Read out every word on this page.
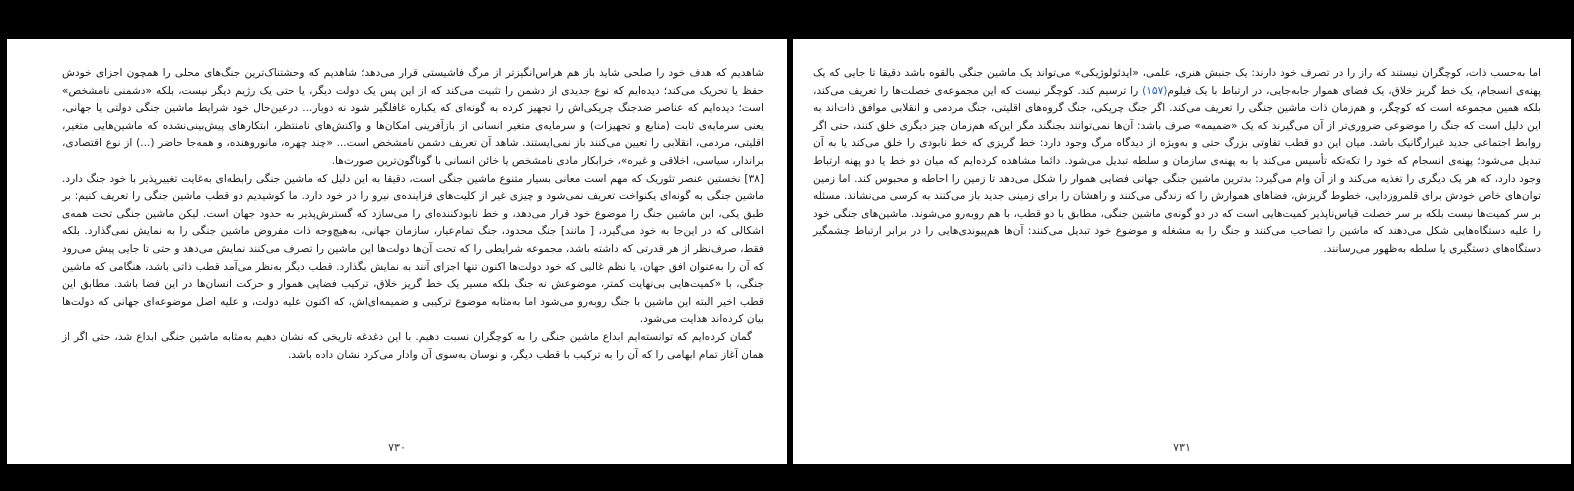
شاهدیم که هدف خود را صلحی شاید باز هم هراس‌انگیزتر از مرگ فاشیستی قرار می‌دهد؛ شاهدیم که وحشتناک‌ترین جنگ‌های محلی را همچون اجزای خودش حفظ یا تحریک می‌کند؛ دیده‌ایم که نوع جدیدی از دشمن را تثبیت می‌کند که از این پس یک دولت دیگر، یا حتی یک رژیم دیگر نیست، بلکه «دشمنی نامشخص» است؛ دیده‌ایم که عناصر ضدجنگ چریکی‌اش را تجهیز کرده به گونه‌ای که یکباره غافلگیر شود نه دوبار... درعین‌حال خود شرایط ماشین جنگی دولتی یا جهانی، یعنی سرمایه‌ی ثابت (منابع و تجهیزات) و سرمایه‌ی متغیر انسانی از بازآفرینی امکان‌ها و واکنش‌های نامنتظر، ابتکارهای پیش‌بینی‌نشده که ماشین‌هایی متغیر، اقلیتی، مردمی، انقلابی را تعیین می‌کنند باز نمی‌ایستند. شاهد آن تعریف دشمن نامشخص است... «چند چهره، مانوروهنده، و همه‌جا حاضر (...) از نوع اقتصادی، براندار، سیاسی، اخلاقی و غیره»، خرابکار مادی نامشخص یا خائن انسانی با گوناگون‌ترین صورت‌ها.

[۳۸] نخستین عنصر تئوریک که مهم است معانی بسیار متنوع ماشین جنگی است، دقیقا به این دلیل که ماشین جنگی رابطه‌ای به‌غایت تغییرپذیر با خود جنگ دارد. ماشین جنگی به گونه‌ای یکنواخت تعریف نمی‌شود و چیزی غیر از کلیت‌های فزاینده‌ی نیرو را در خود دارد. ما کوشیدیم دو قطب ماشین جنگی را تعریف کنیم: بر طبق یکی، این ماشین جنگ را موضوع خود قرار می‌دهد، و خط نابودکننده‌ای را می‌سازد که گسترش‌پذیر به حدود جهان است. لیکن ماشین جنگی تحت همه‌ی اشکالی که در این‌جا به خود می‌گیرد، [ مانند] جنگ محدود، جنگ تمام‌عیار، سازمان جهانی، به‌هیچ‌وجه ذات مفروض ماشین جنگی را به نمایش نمی‌گذارد. بلکه فقط، صرف‌نظر از هر قدرتی که داشته باشد، مجموعه شرایطی را که تحت آن‌ها دولت‌ها این ماشین را تصرف می‌کنند نمایش می‌دهد و حتی تا جایی پیش می‌رود که آن را به‌عنوان افق جهان، یا نظم غالبی که خود دولت‌ها اکنون تنها اجزای آنند به نمایش بگذارد. قطب دیگر به‌نظر می‌آمد قطب ذاتی باشد، هنگامی که ماشین جنگی، با «کمیت‌هایی بی‌نهایت کمتر، موضوعش نه جنگ بلکه مسیر یک خط گریز خلاق، ترکیب فضایی هموار و حرکت انسان‌ها در این فضا باشد. مطابق این قطب اخیر البته این ماشین با جنگ روبه‌رو می‌شود اما به‌مثابه موضوع ترکیبی و ضمیمه‌ای‌اش، که اکنون علیه دولت، و علیه اصل موضوعه‌ای جهانی که دولت‌ها بیان کرده‌اند هدایت می‌شود.

گمان کرده‌ایم که توانسته‌ایم ابداع ماشین جنگی را به کوچگران نسبت دهیم. با این دغدغه تاریخی که نشان دهیم به‌مثابه ماشین جنگی ابداع شد، حتی اگر از همان آغاز تمام ابهامی را که آن را به ترکیب با قطب دیگر، و نوسان به‌سوی آن وادار می‌کرد نشان داده باشد.

۷۳۰

اما به‌حسب ذات، کوچگران نیستند که راز را در تصرف خود دارند: یک جنبش هنری، علمی، «ایدئولوژیکی» می‌تواند یک ماشین جنگی بالقوه باشد دقیقا تا جایی که یک پهنه‌ی انسجام، یک خط گریز خلاق، یک فضای هموار جابه‌جایی، در ارتباط با یک فیلوم(۱۵۷) را ترسیم کند. کوچگر نیست که این مجموعه‌ی خصلت‌ها را تعریف می‌کند، بلکه همین مجموعه است که کوچگر، و هم‌زمان ذات ماشین جنگی را تعریف می‌کند. اگر جنگ چریکی، جنگ گروه‌های اقلیتی، جنگ مردمی و انقلابی موافق ذات‌اند به این دلیل است که جنگ را موضوعی ضروری‌تر از آن می‌گیرند که یک «ضمیمه» صرف باشد: آن‌ها نمی‌توانند بجنگند مگر این‌که هم‌زمان چیز دیگری خلق کنند، حتی اگر روابط اجتماعی جدید غیرارگانیک باشد. میان این دو قطب تفاوتی بزرگ حتی و به‌ویژه از دیدگاه مرگ وجود دارد: خط گریزی که خط نابودی را خلق می‌کند یا به آن تبدیل می‌شود؛ پهنه‌ی انسجام که خود را تکه‌تکه تأسیس می‌کند یا به پهنه‌ی سازمان و سلطه تبدیل می‌شود. دائما مشاهده کرده‌ایم که میان دو خط یا دو پهنه ارتباط وجود دارد، که هر یک دیگری را تغذیه می‌کند و از آن وام می‌گیرد: بدترین ماشین جنگی جهانی فضایی هموار را شکل می‌دهد تا زمین را احاطه و محبوس کند. اما زمین توان‌های خاص خودش برای قلمروزدایی، خطوط گریزش، فضاهای هموارش را که زندگی می‌کنند و راهشان را برای زمینی جدید باز می‌کنند به کرسی می‌نشاند. مسئله بر سر کمیت‌ها نیست بلکه بر سر خصلت قیاس‌ناپذیر کمیت‌هایی است که در دو گونه‌ی ماشین جنگی، مطابق با دو قطب، با هم روبه‌رو می‌شوند. ماشین‌های جنگی خود را علیه دستگاه‌هایی شکل می‌دهند که ماشین را تصاحب می‌کنند و جنگ را به مشغله و موضوع خود تبدیل می‌کنند: آن‌ها هم‌پیوندی‌هایی را در برابر ارتباط چشمگیر دستگاه‌های دستگیری یا سلطه به‌ظهور می‌رسانند.

۷۳۱
